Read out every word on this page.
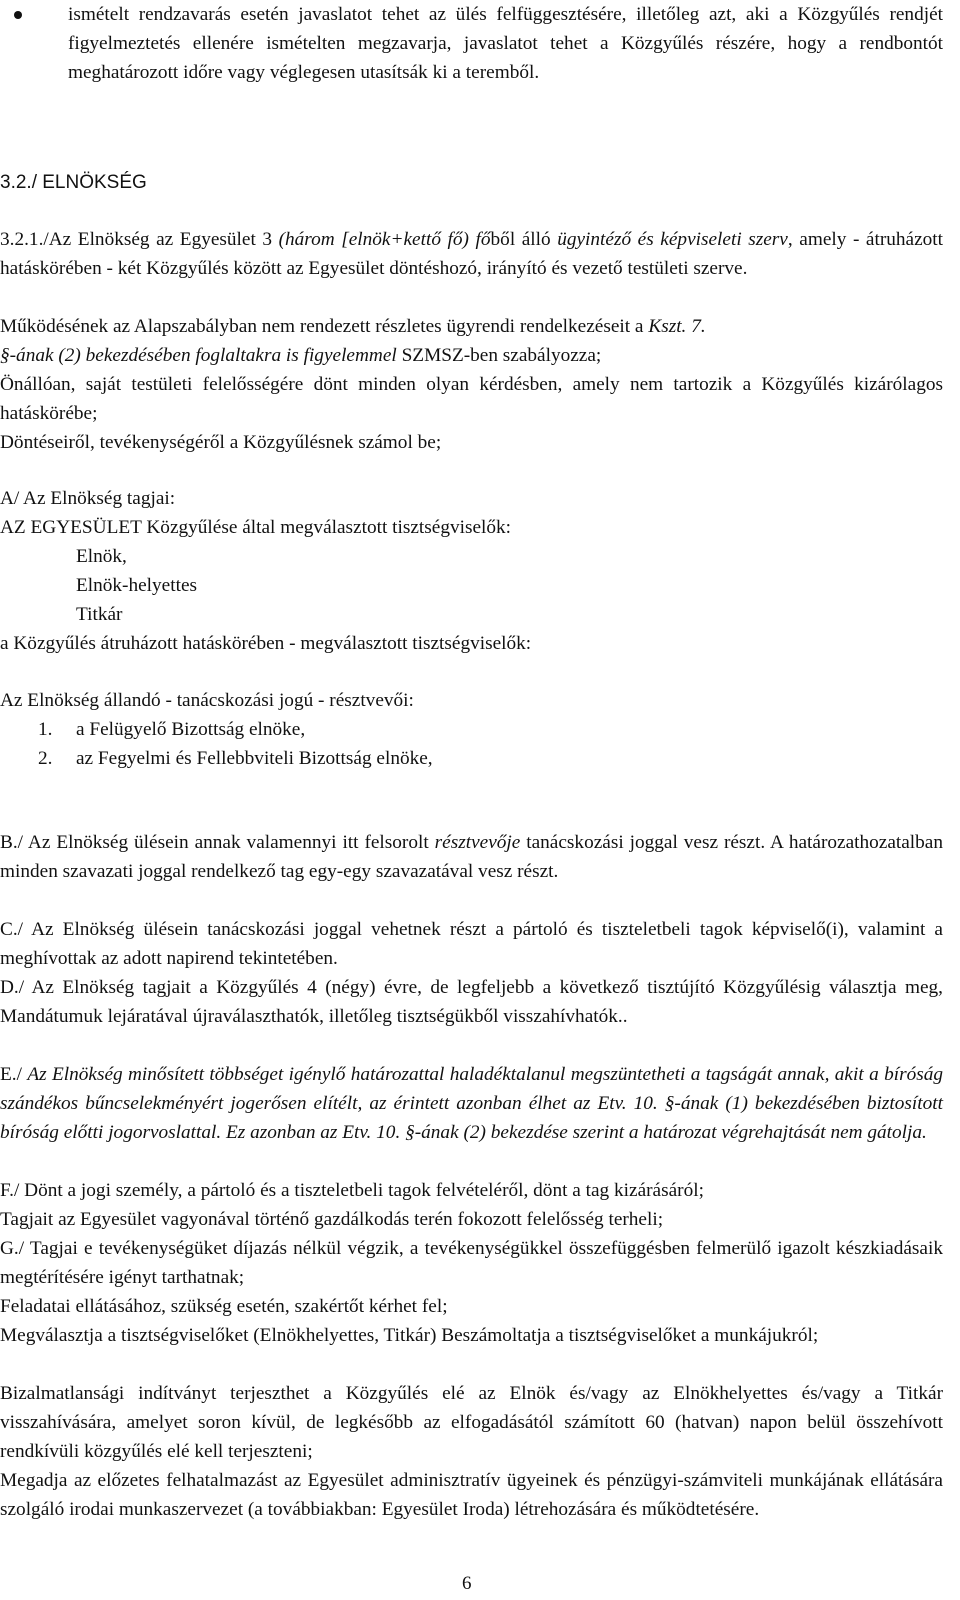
ismételt rendzavarás esetén javaslatot tehet az ülés felfüggesztésére, illetőleg azt, aki a Közgyűlés rendjét figyelmeztetés ellenére ismételten megzavarja, javaslatot tehet a Közgyűlés részére, hogy a rendbontót meghatározott időre vagy véglegesen utasítsák ki a teremből.
3.2./ ELNÖKSÉG
3.2.1./Az Elnökség az Egyesület 3 (három [elnök+kettő fő) főből álló ügyintéző és képviseleti szerv, amely - átruházott hatáskörében - két Közgyűlés között az Egyesület döntéshozó, irányító és vezető testületi szerve.
Működésének az Alapszabályban nem rendezett részletes ügyrendi rendelkezéseit a Kszt. 7.
§-ának (2) bekezdésében foglaltakra is figyelemmel SZMSZ-ben szabályozza;
Önállóan, saját testületi felelősségére dönt minden olyan kérdésben, amely nem tartozik a Közgyűlés kizárólagos hatáskörébe;
Döntéseiről, tevékenységéről a Közgyűlésnek számol be;
A/ Az Elnökség tagjai:
AZ EGYESÜLET Közgyűlése által megválasztott tisztségviselők:
Elnök,
Elnök-helyettes
Titkár
a Közgyűlés átruházott hatáskörében - megválasztott tisztségviselők:
Az Elnökség állandó - tanácskozási jogú - résztvevői:
1. a Felügyelő Bizottság elnöke,
2. az Fegyelmi és Fellebbviteli Bizottság elnöke,
B./ Az Elnökség ülésein annak valamennyi itt felsorolt résztvevője tanácskozási joggal vesz részt. A határozathozatalban minden szavazati joggal rendelkező tag egy-egy szavazatával vesz részt.
C./ Az Elnökség ülésein tanácskozási joggal vehetnek részt a pártoló és tiszteletbeli tagok képviselő(i), valamint a meghívottak az adott napirend tekintetében.
D./ Az Elnökség tagjait a Közgyűlés 4 (négy) évre, de legfeljebb a következő tisztújító Közgyűlésig választja meg, Mandátumuk lejáratával újraválaszthatók, illetőleg tisztségükből visszahívhatók..
E./ Az Elnökség minősített többséget igénylő határozattal haladéktalanul megszüntetheti a tagságát annak, akit a bíróság szándékos bűncselekményért jogerősen elítélt, az érintett azonban élhet az Etv. 10. §-ának (1) bekezdésében biztosított bíróság előtti jogorvoslattal. Ez azonban az Etv. 10. §-ának (2) bekezdése szerint a határozat végrehajtását nem gátolja.
F./ Dönt a jogi személy, a pártoló és a tiszteletbeli tagok felvételéről, dönt a tag kizárásáról;
Tagjait az Egyesület vagyonával történő gazdálkodás terén fokozott felelősség terheli;
G./ Tagjai e tevékenységüket díjazás nélkül végzik, a tevékenységükkel összefüggésben felmerülő igazolt készkiadásaik megtérítésére igényt tarthatnak;
Feladatai ellátásához, szükség esetén, szakértőt kérhet fel;
Megválasztja a tisztségviselőket (Elnökhelyettes, Titkár) Beszámoltatja a tisztségviselőket a munkájukról;
Bizalmatlansági indítványt terjeszthet a Közgyűlés elé az Elnök és/vagy az Elnökhelyettes és/vagy a Titkár visszahívására, amelyet soron kívül, de legkésőbb az elfogadásától számított 60 (hatvan) napon belül összehívott rendkívüli közgyűlés elé kell terjeszteni;
Megadja az előzetes felhatalmazást az Egyesület adminisztratív ügyeinek és pénzügyi-számviteli munkájának ellátására szolgáló irodai munkaszervezet (a továbbiakban: Egyesület Iroda) létrehozására és működtetésére.
6
